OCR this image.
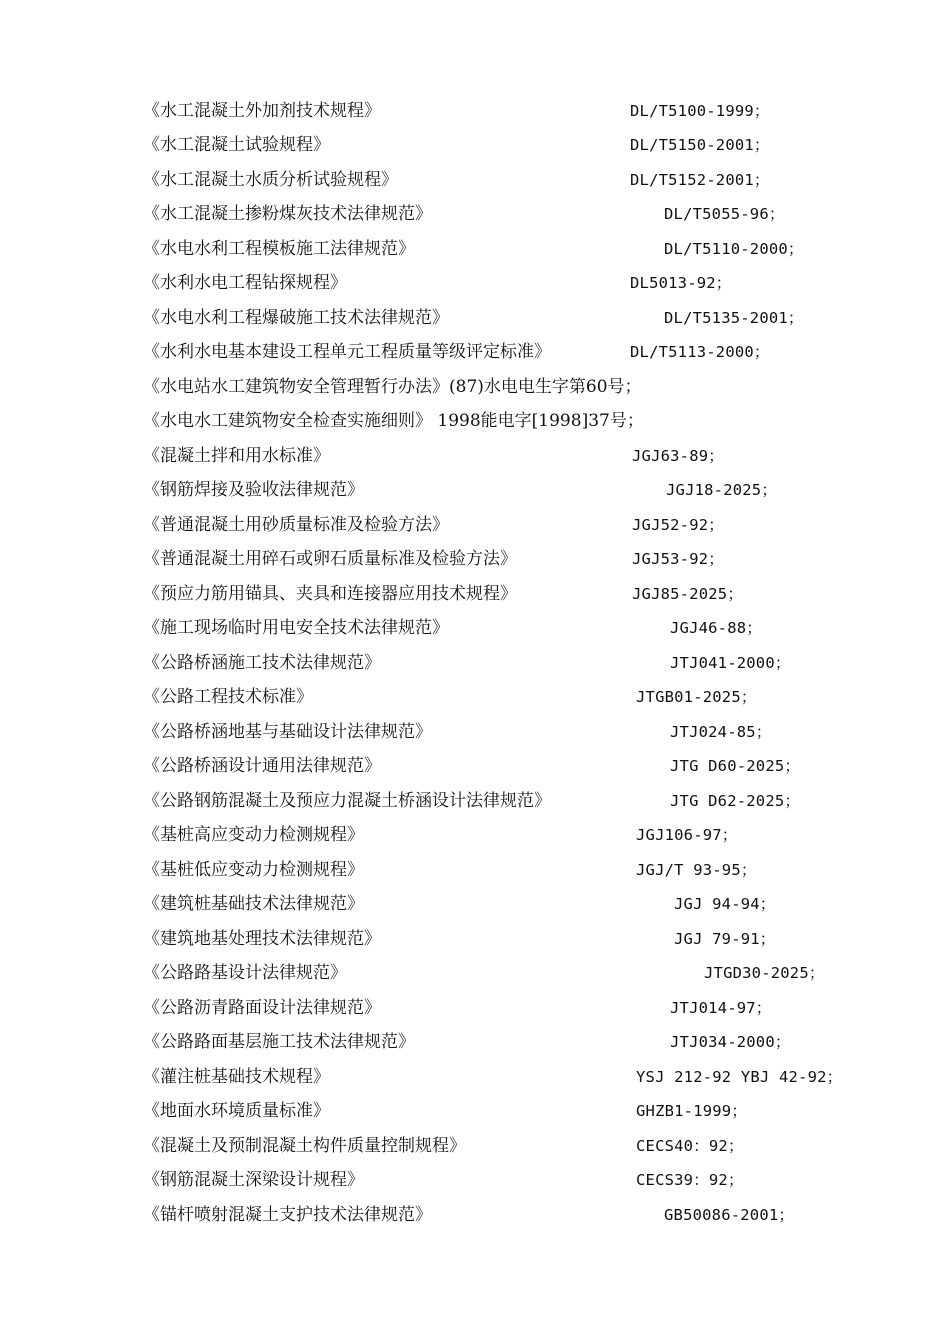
《水工混凝土外加剂技术规程》	DL/T5100-1999；
《水工混凝土试验规程》	DL/T5150-2001；
《水工混凝土水质分析试验规程》	DL/T5152-2001；
《水工混凝土掺粉煤灰技术法律规范》	DL/T5055-96；
《水电水利工程模板施工法律规范》	DL/T5110-2000；
《水利水电工程钻探规程》	DL5013-92；
《水电水利工程爆破施工技术法律规范》	DL/T5135-2001；
《水利水电基本建设工程单元工程质量等级评定标准》	DL/T5113-2000；
《水电站水工建筑物安全管理暂行办法》(87)水电电生字第60号；
《水电水工建筑物安全检查实施细则》 1998能电字[1998]37号；
《混凝土拌和用水标准》	JGJ63-89；
《钢筋焊接及验收法律规范》	JGJ18-2025；
《普通混凝土用砂质量标准及检验方法》	JGJ52-92；
《普通混凝土用碎石或卵石质量标准及检验方法》	JGJ53-92；
《预应力筋用锚具、夹具和连接器应用技术规程》	JGJ85-2025；
《施工现场临时用电安全技术法律规范》	JGJ46-88；
《公路桥涵施工技术法律规范》	JTJ041-2000；
《公路工程技术标准》	JTGB01-2025；
《公路桥涵地基与基础设计法律规范》	JTJ024-85；
《公路桥涵设计通用法律规范》	JTG D60-2025；
《公路钢筋混凝土及预应力混凝土桥涵设计法律规范》	JTG D62-2025；
《基桩高应变动力检测规程》	JGJ106-97；
《基桩低应变动力检测规程》	JGJ/T 93-95；
《建筑桩基础技术法律规范》	JGJ 94-94；
《建筑地基处理技术法律规范》	JGJ 79-91；
《公路路基设计法律规范》	JTGD30-2025；
《公路沥青路面设计法律规范》	JTJ014-97；
《公路路面基层施工技术法律规范》	JTJ034-2000；
《灌注桩基础技术规程》	YSJ 212-92 YBJ 42-92；
《地面水环境质量标准》	GHZB1-1999；
《混凝土及预制混凝土构件质量控制规程》	CECS40：92；
《钢筋混凝土深梁设计规程》	CECS39：92；
《锚杆喷射混凝土支护技术法律规范》	GB50086-2001；
